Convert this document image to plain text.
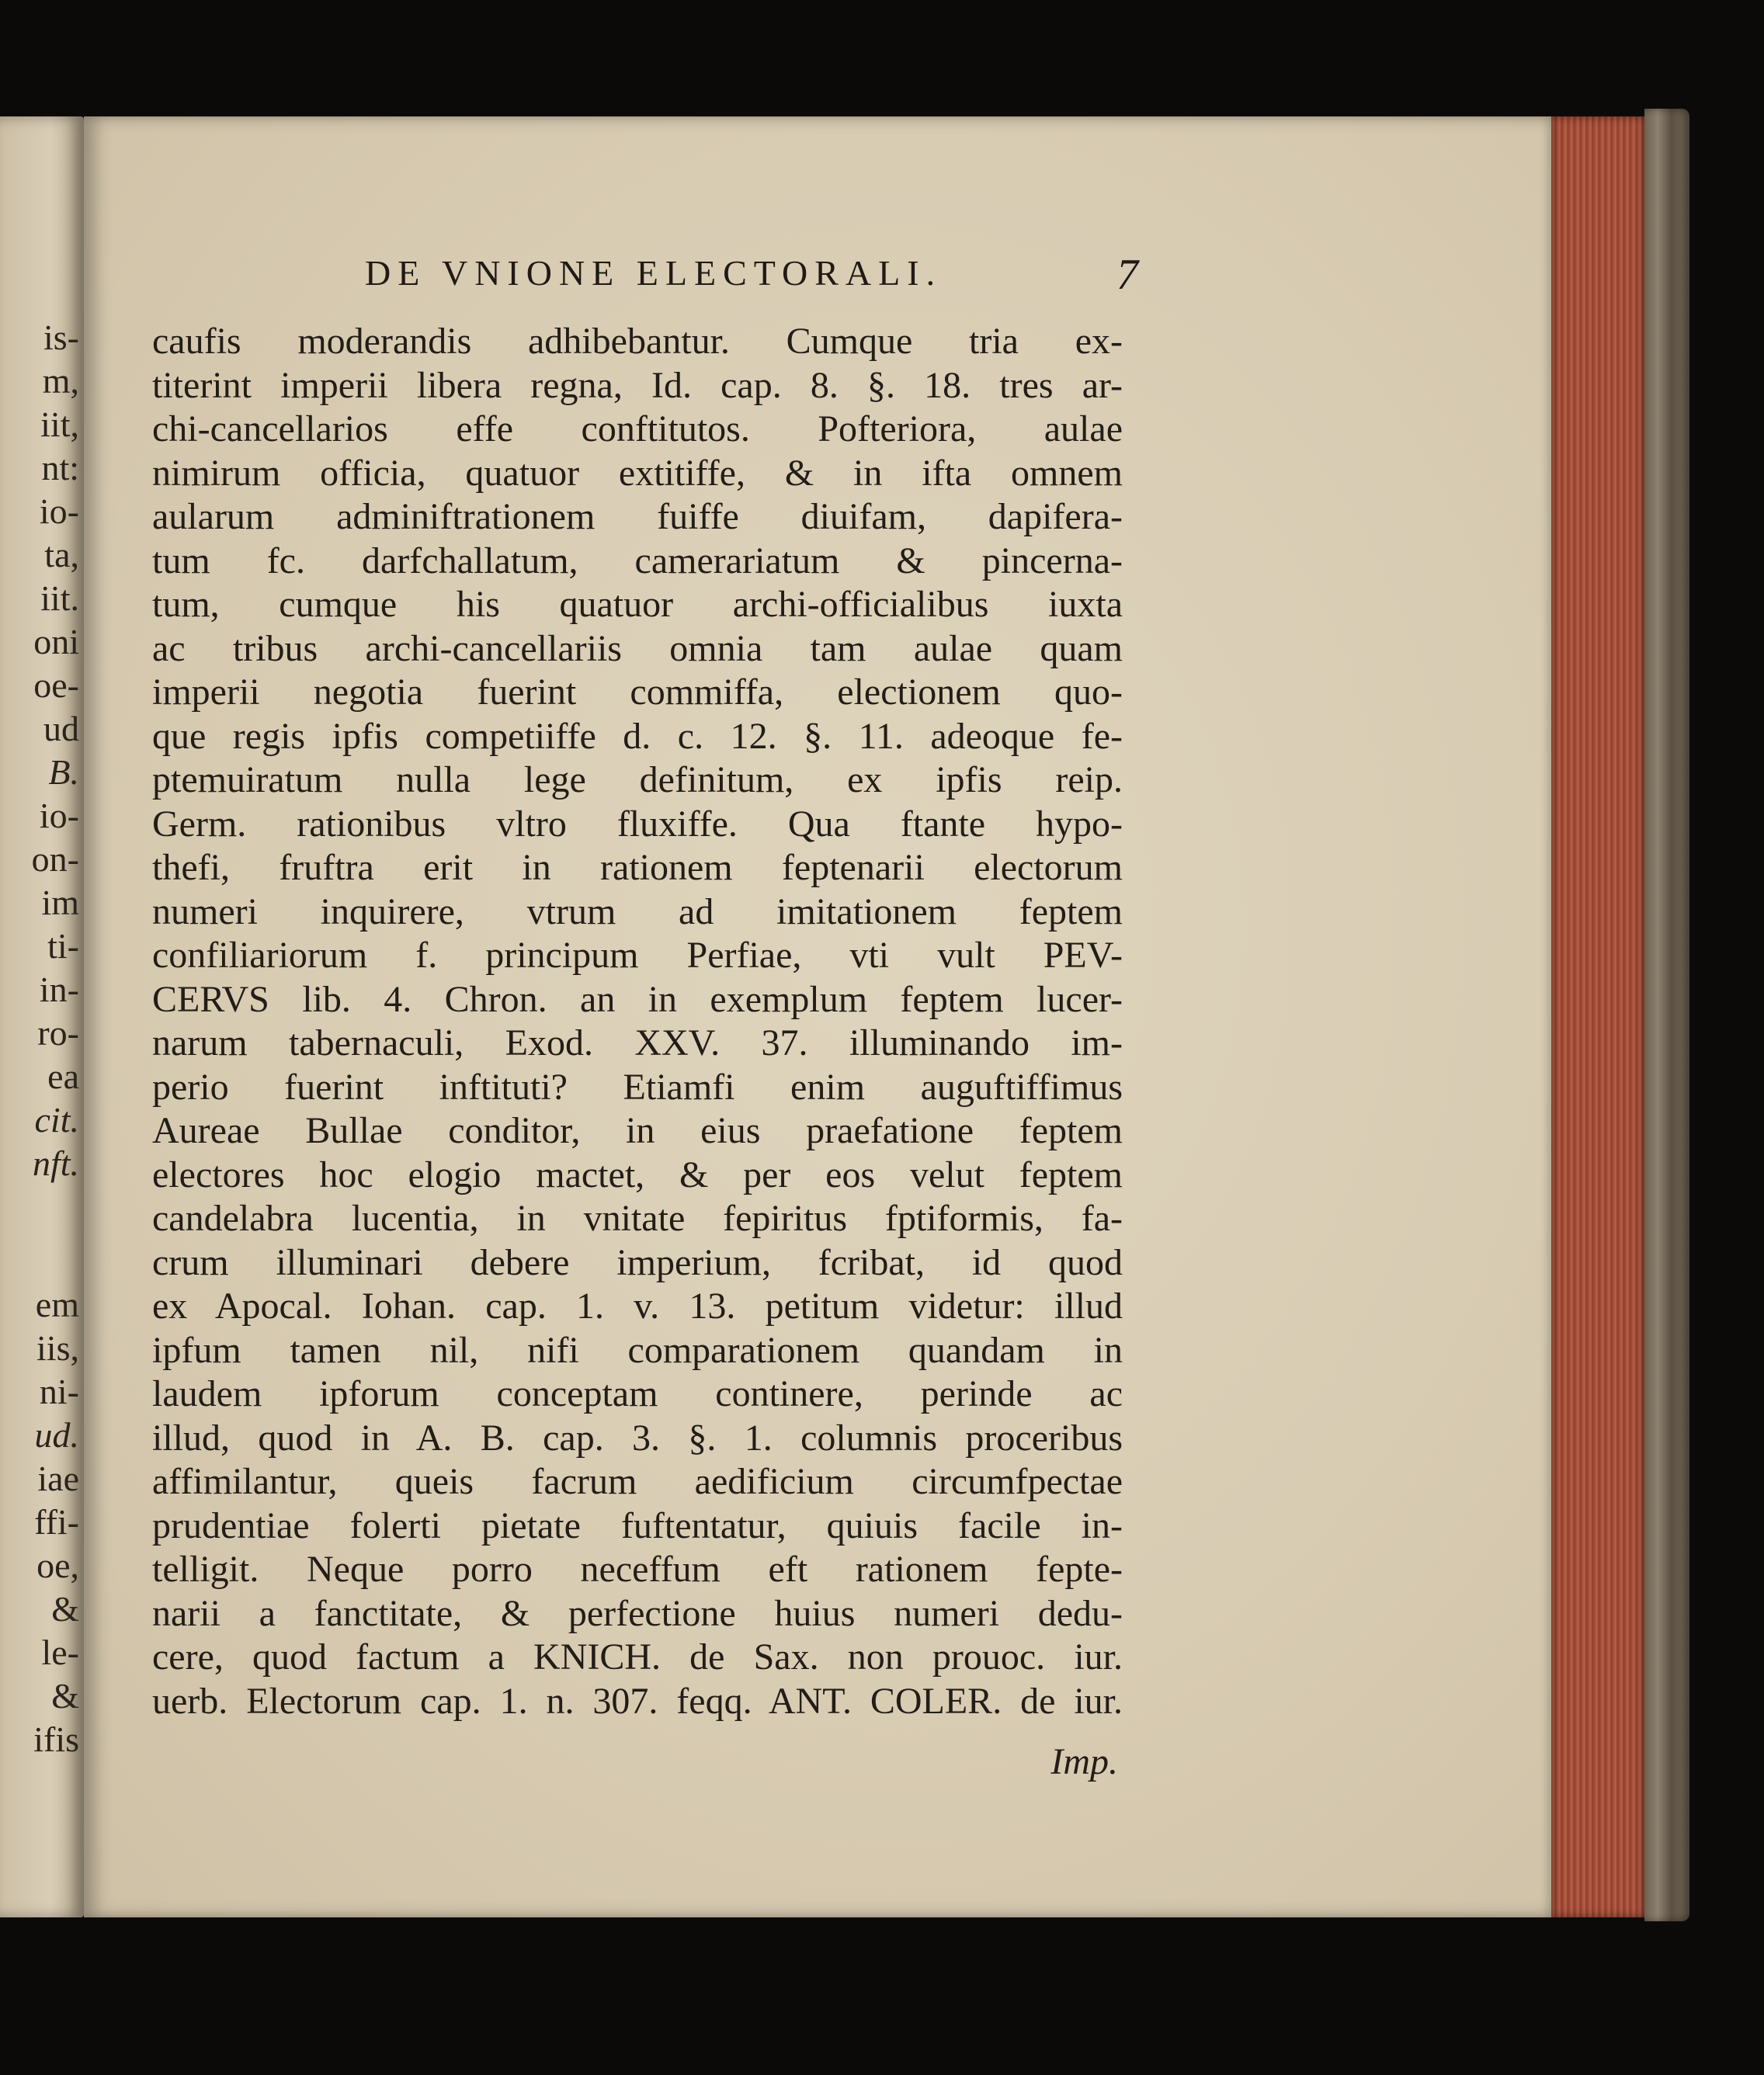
is-
m,
iit,
nt:
io-
ta,
iit.
oni
oe-
ud
B.
io-
on-
im
ti-
in-
ro-
ea
cit.
nft.
em
iis,
ni-
ud.
iae
ffi-
oe,
&
le-
&
ifis
DE VNIONE ELECTORALI.	7
caufis moderandis adhibebantur. Cumque tria ex-
titerint imperii libera regna, Id. cap. 8. §. 18. tres ar-
chi-cancellarios effe conftitutos. Pofteriora, aulae
nimirum officia, quatuor extitiffe, & in ifta omnem
aularum adminiftrationem fuiffe diuifam, dapifera-
tum fc. darfchallatum, camerariatum & pincerna-
tum, cumque his quatuor archi-officialibus iuxta
ac tribus archi-cancellariis omnia tam aulae quam
imperii negotia fuerint commiffa, electionem quo-
que regis ipfis competiiffe d. c. 12. §. 11. adeoque fe-
ptemuiratum nulla lege definitum, ex ipfis reip.
Germ. rationibus vltro fluxiffe. Qua ftante hypo-
thefi, fruftra erit in rationem feptenarii electorum
numeri inquirere, vtrum ad imitationem feptem
confiliariorum f. principum Perfiae, vti vult PEV-
CERVS lib. 4. Chron. an in exemplum feptem lucer-
narum tabernaculi, Exod. XXV. 37. illuminando im-
perio fuerint inftituti? Etiamfi enim auguftiffimus
Aureae Bullae conditor, in eius praefatione feptem
electores hoc elogio mactet, & per eos velut feptem
candelabra lucentia, in vnitate fepiritus fptiformis, fa-
crum illuminari debere imperium, fcribat, id quod
ex Apocal. Iohan. cap. 1. v. 13. petitum videtur: illud
ipfum tamen nil, nifi comparationem quandam in
laudem ipforum conceptam continere, perinde ac
illud, quod in A. B. cap. 3. §. 1. columnis proceribus
affimilantur, queis facrum aedificium circumfpectae
prudentiae folerti pietate fuftentatur, quiuis facile in-
telligit. Neque porro neceffum eft rationem fepte-
narii a fanctitate, & perfectione huius numeri dedu-
cere, quod factum a KNICH. de Sax. non prouoc. iur.
uerb. Electorum cap. 1. n. 307. feqq. ANT. COLER. de iur.
Imp.
